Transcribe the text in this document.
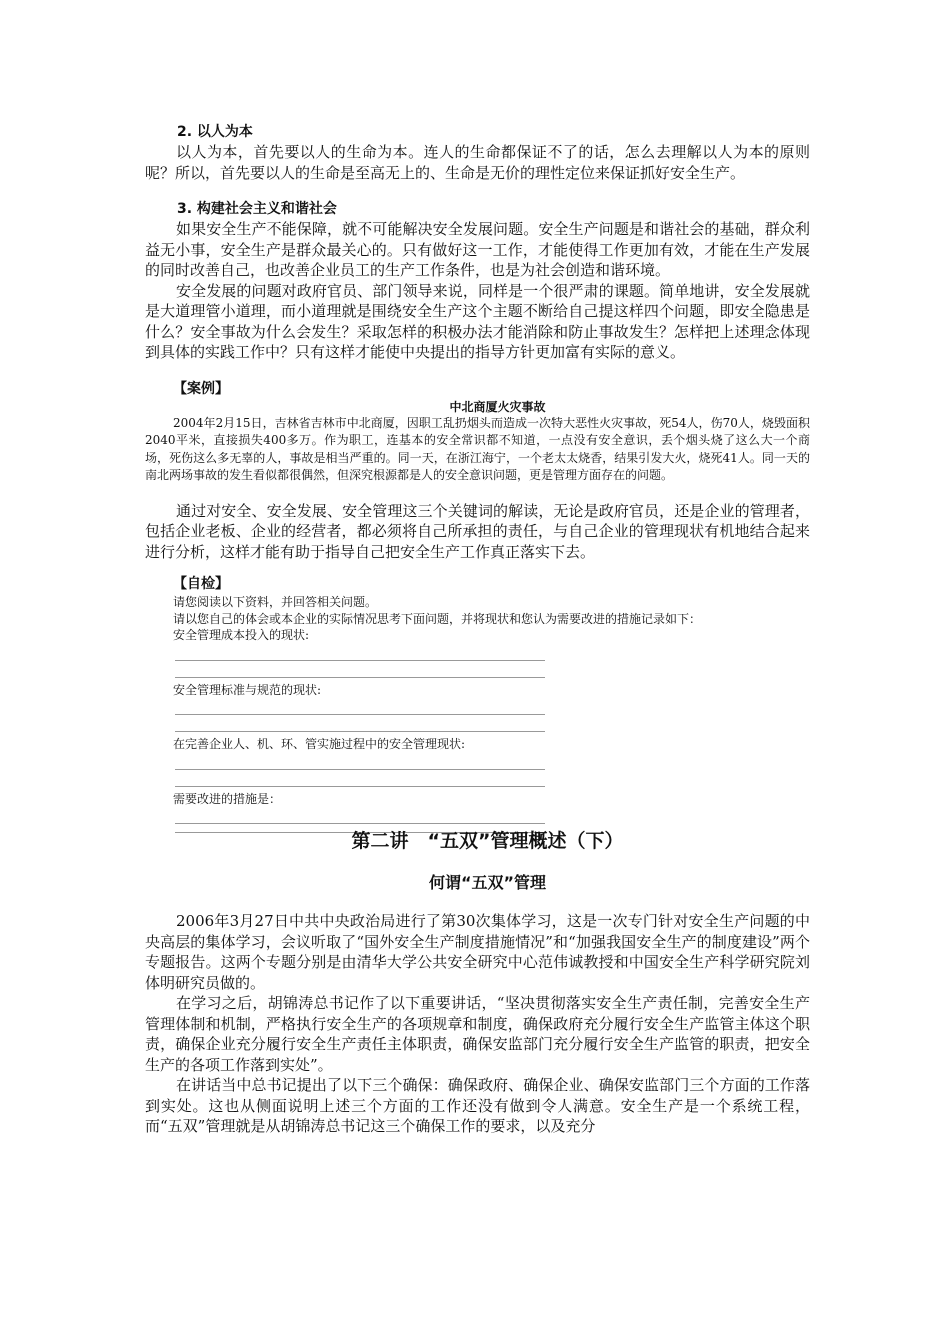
2. 以人为本

以人为本，首先要以人的生命为本。连人的生命都保证不了的话，怎么去理解以人为本的原则呢？所以，首先要以人的生命是至高无上的、生命是无价的理性定位来保证抓好安全生产。

3. 构建社会主义和谐社会

如果安全生产不能保障，就不可能解决安全发展问题。安全生产问题是和谐社会的基础，群众利益无小事，安全生产是群众最关心的。只有做好这一工作，才能使得工作更加有效，才能在生产发展的同时改善自己，也改善企业员工的生产工作条件，也是为社会创造和谐环境。

安全发展的问题对政府官员、部门领导来说，同样是一个很严肃的课题。简单地讲，安全发展就是大道理管小道理，而小道理就是围绕安全生产这个主题不断给自己提这样四个问题，即安全隐患是什么？安全事故为什么会发生？采取怎样的积极办法才能消除和防止事故发生？怎样把上述理念体现到具体的实践工作中？只有这样才能使中央提出的指导方针更加富有实际的意义。

【案例】
中北商厦火灾事故

2004年2月15日，吉林省吉林市中北商厦，因职工乱扔烟头而造成一次特大恶性火灾事故，死54人，伤70人，烧毁面积2040平米，直接损失400多万。作为职工，连基本的安全常识都不知道，一点没有安全意识，丢个烟头烧了这么大一个商场，死伤这么多无辜的人，事故是相当严重的。同一天，在浙江海宁，一个老太太烧香，结果引发大火，烧死41人。同一天的南北两场事故的发生看似都很偶然，但深究根源都是人的安全意识问题，更是管理方面存在的问题。

通过对安全、安全发展、安全管理这三个关键词的解读，无论是政府官员，还是企业的管理者，包括企业老板、企业的经营者，都必须将自己所承担的责任，与自己企业的管理现状有机地结合起来进行分析，这样才能有助于指导自己把安全生产工作真正落实下去。

【自检】
请您阅读以下资料，并回答相关问题。
请以您自己的体会或本企业的实际情况思考下面问题，并将现状和您认为需要改进的措施记录如下：
安全管理成本投入的现状:
安全管理标准与规范的现状:
在完善企业人、机、环、管实施过程中的安全管理现状:
需要改进的措施是：
第二讲　“五双”管理概述（下）
何谓“五双”管理

2006年3月27日中共中央政治局进行了第30次集体学习，这是一次专门针对安全生产问题的中央高层的集体学习，会议听取了“国外安全生产制度措施情况”和“加强我国安全生产的制度建设”两个专题报告。这两个专题分别是由清华大学公共安全研究中心范伟诚教授和中国安全生产科学研究院刘体明研究员做的。

在学习之后，胡锦涛总书记作了以下重要讲话，“坚决贯彻落实安全生产责任制，完善安全生产管理体制和机制，严格执行安全生产的各项规章和制度，确保政府充分履行安全生产监管主体这个职责，确保企业充分履行安全生产责任主体职责，确保安监部门充分履行安全生产监管的职责，把安全生产的各项工作落到实处”。

在讲话当中总书记提出了以下三个确保：确保政府、确保企业、确保安监部门三个方面的工作落到实处。这也从侧面说明上述三个方面的工作还没有做到令人满意。安全生产是一个系统工程，而“五双”管理就是从胡锦涛总书记这三个确保工作的要求，以及充分
